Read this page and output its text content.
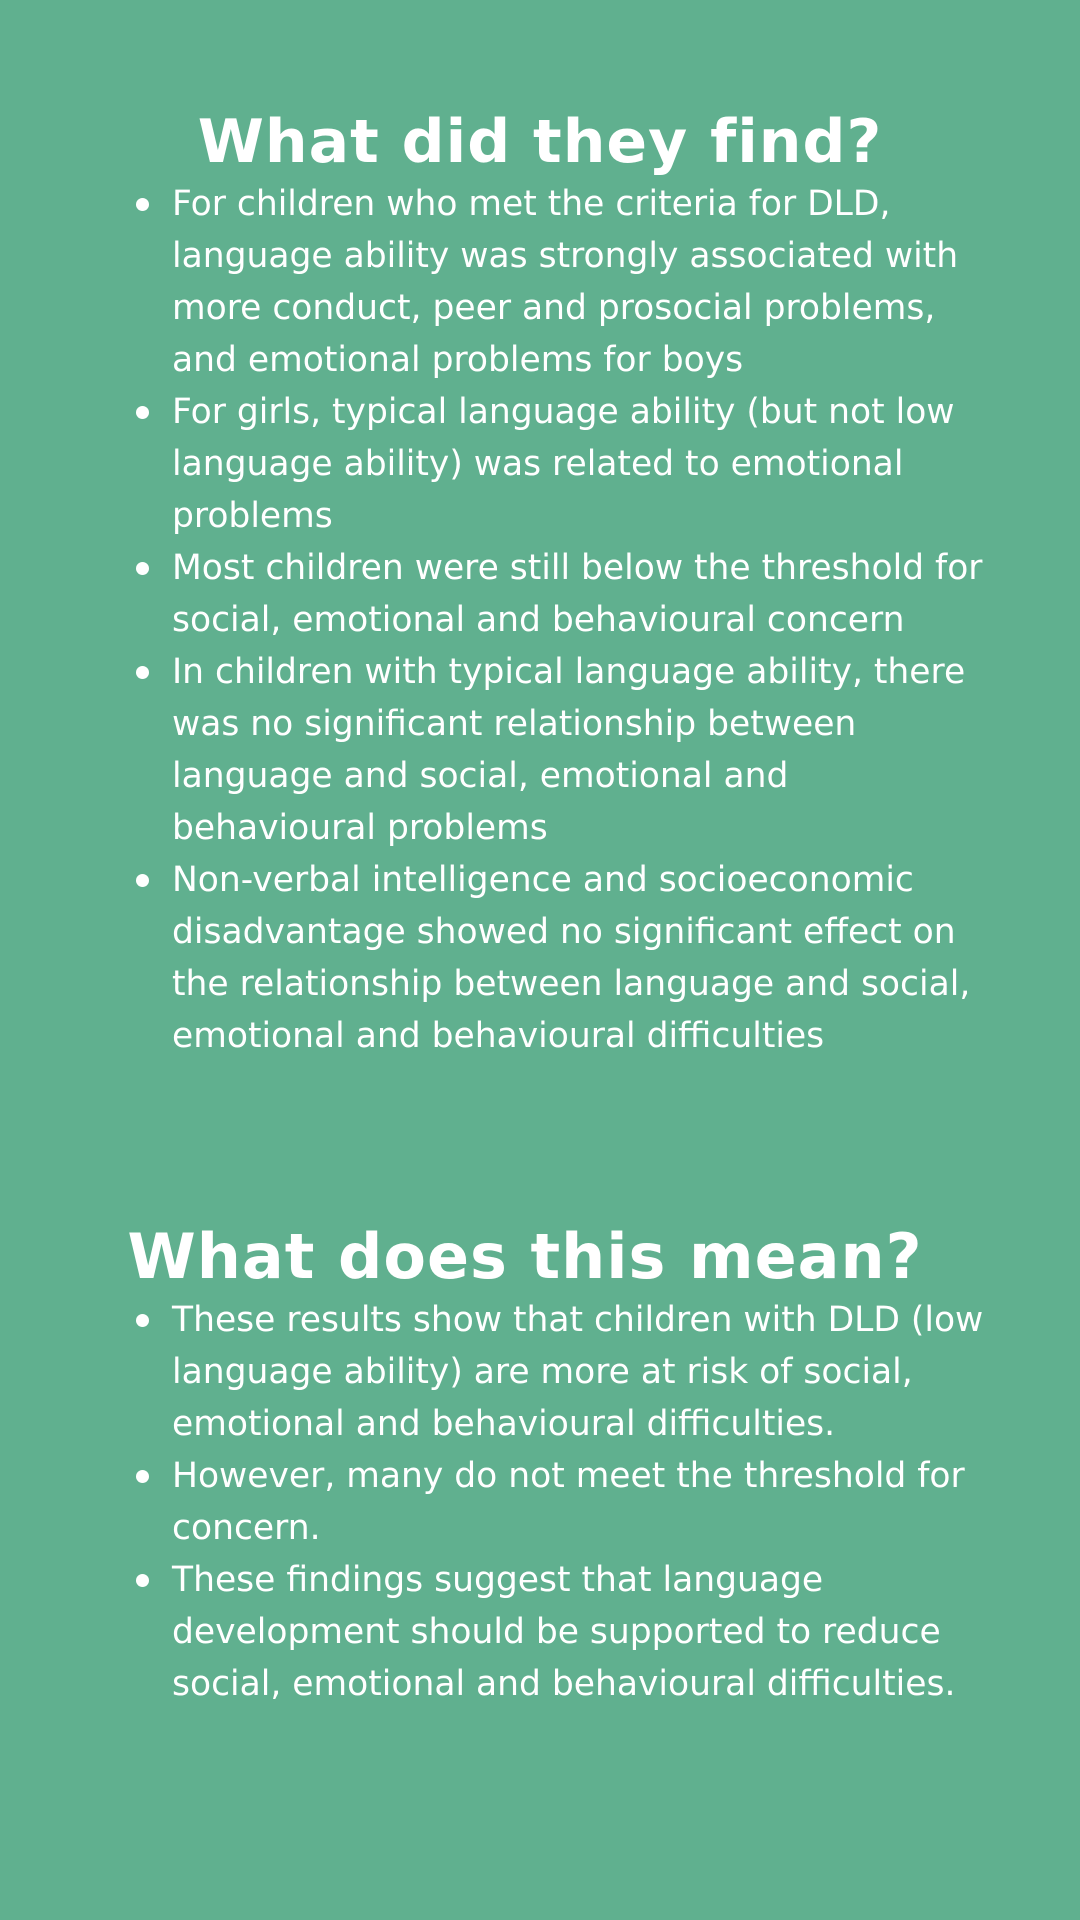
What did they find?
For children who met the criteria for DLD, language ability was strongly associated with more conduct, peer and prosocial problems, and emotional problems for boys
For girls, typical language ability (but not low language ability) was related to emotional problems
Most children were still below the threshold for social, emotional and behavioural concern
In children with typical language ability, there was no significant relationship between language and social, emotional and behavioural problems
Non-verbal intelligence and socioeconomic disadvantage showed no significant effect on the relationship between language and social, emotional and behavioural difficulties
What does this mean?
These results show that children with DLD (low language ability) are more at risk of social, emotional and behavioural difficulties.
However, many do not meet the threshold for concern.
These findings suggest that language development should be supported to reduce social, emotional and behavioural difficulties.
